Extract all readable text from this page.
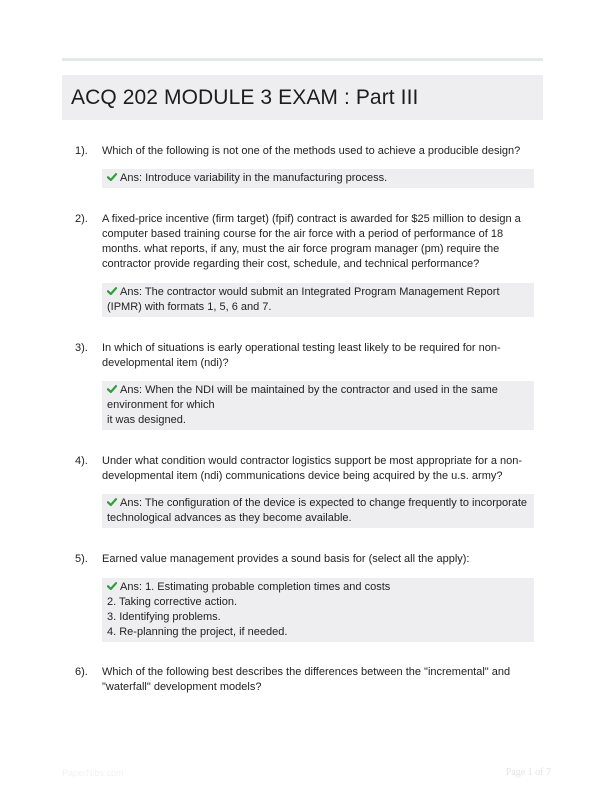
ACQ 202 MODULE 3 EXAM : Part III
1). Which of the following is not one of the methods used to achieve a producible design?
Ans: Introduce variability in the manufacturing process.
2). A fixed-price incentive (firm target) (fpif) contract is awarded for $25 million to design a computer based training course for the air force with a period of performance of 18 months. what reports, if any, must the air force program manager (pm) require the contractor provide regarding their cost, schedule, and technical performance?
Ans: The contractor would submit an Integrated Program Management Report (IPMR) with formats 1, 5, 6 and 7.
3). In which of situations is early operational testing least likely to be required for non-developmental item (ndi)?
Ans: When the NDI will be maintained by the contractor and used in the same environment for which
it was designed.
4). Under what condition would contractor logistics support be most appropriate for a non-developmental item (ndi) communications device being acquired by the u.s. army?
Ans: The configuration of the device is expected to change frequently to incorporate technological advances as they become available.
5). Earned value management provides a sound basis for (select all the apply):
Ans: 1. Estimating probable completion times and costs
2. Taking corrective action.
3. Identifying problems.
4. Re-planning the project, if needed.
6). Which of the following best describes the differences between the "incremental" and "waterfall" development models?
PaperNibs.com	Page 1 of 7
